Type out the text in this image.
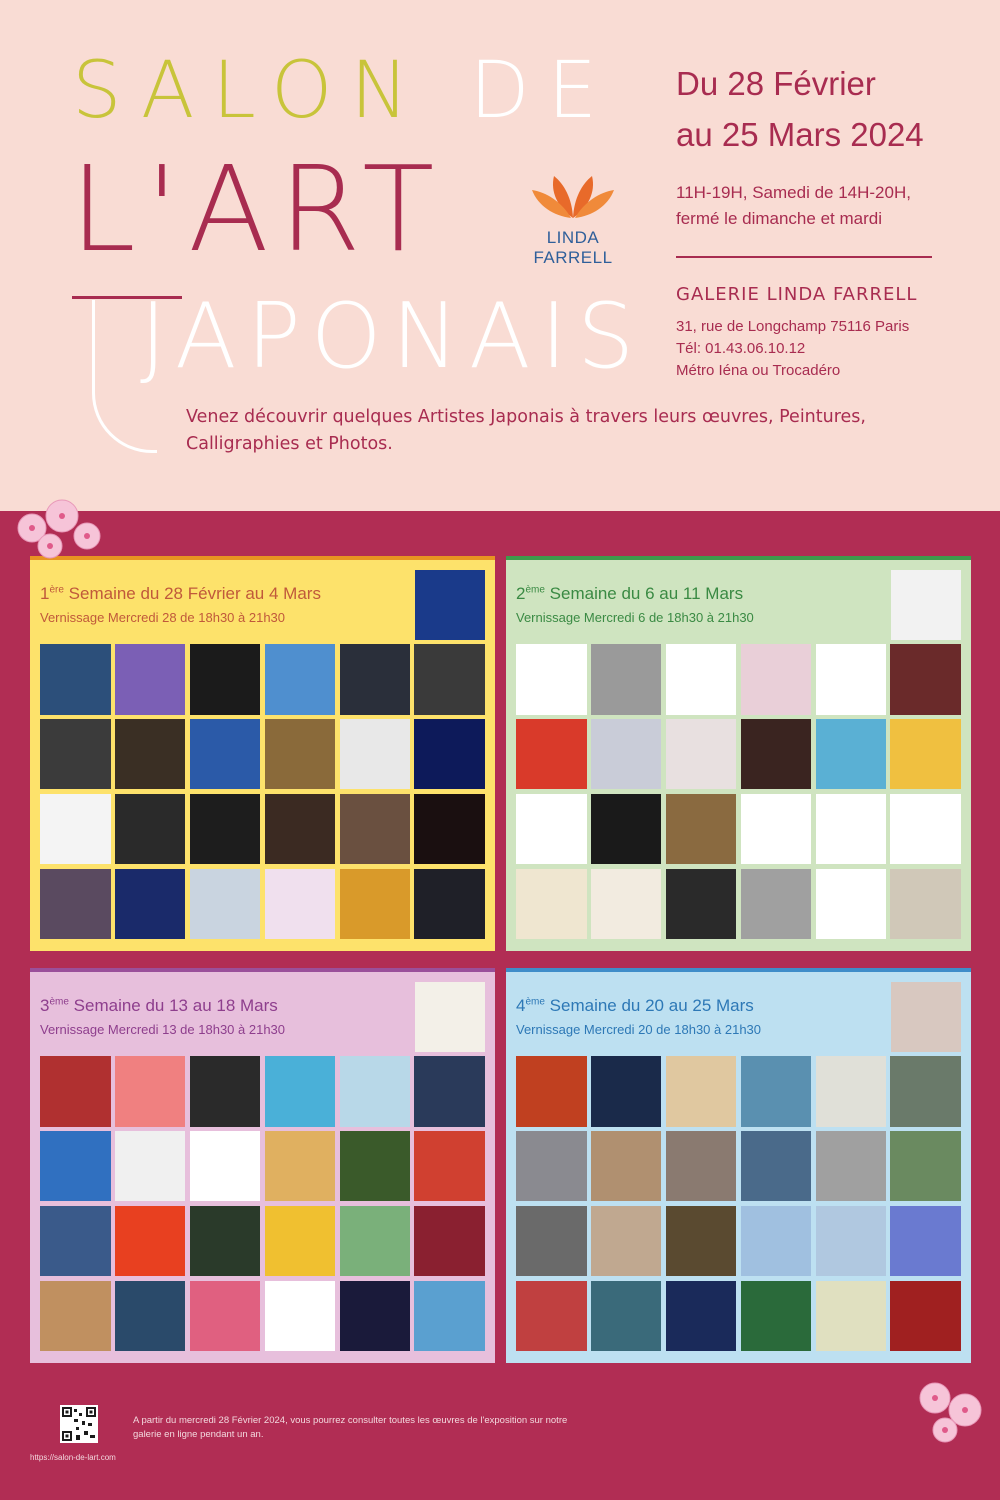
SALON DE
L'ART
JAPONAIS
LINDA FARRELL
Du 28 Février
au 25 Mars 2024
11H-19H, Samedi de 14H-20H,
fermé le dimanche et mardi
GALERIE LINDA FARRELL
31, rue de Longchamp 75116 Paris
Tél: 01.43.06.10.12
Métro Iéna ou Trocadéro
Venez découvrir quelques Artistes Japonais à travers leurs œuvres, Peintures, Calligraphies et Photos.
1ère Semaine du 28 Février au 4 Mars
Vernissage Mercredi 28 de 18h30 à 21h30
2ème Semaine du 6 au 11 Mars
Vernissage Mercredi 6 de 18h30 à 21h30
3ème Semaine du 13 au 18 Mars
Vernissage Mercredi 13 de 18h30 à 21h30
4ème Semaine du 20 au 25 Mars
Vernissage Mercredi 20 de 18h30 à 21h30
https://salon-de-lart.com
A partir du mercredi 28 Février 2024, vous pourrez consulter toutes les œuvres de l'exposition sur notre galerie en ligne pendant un an.
